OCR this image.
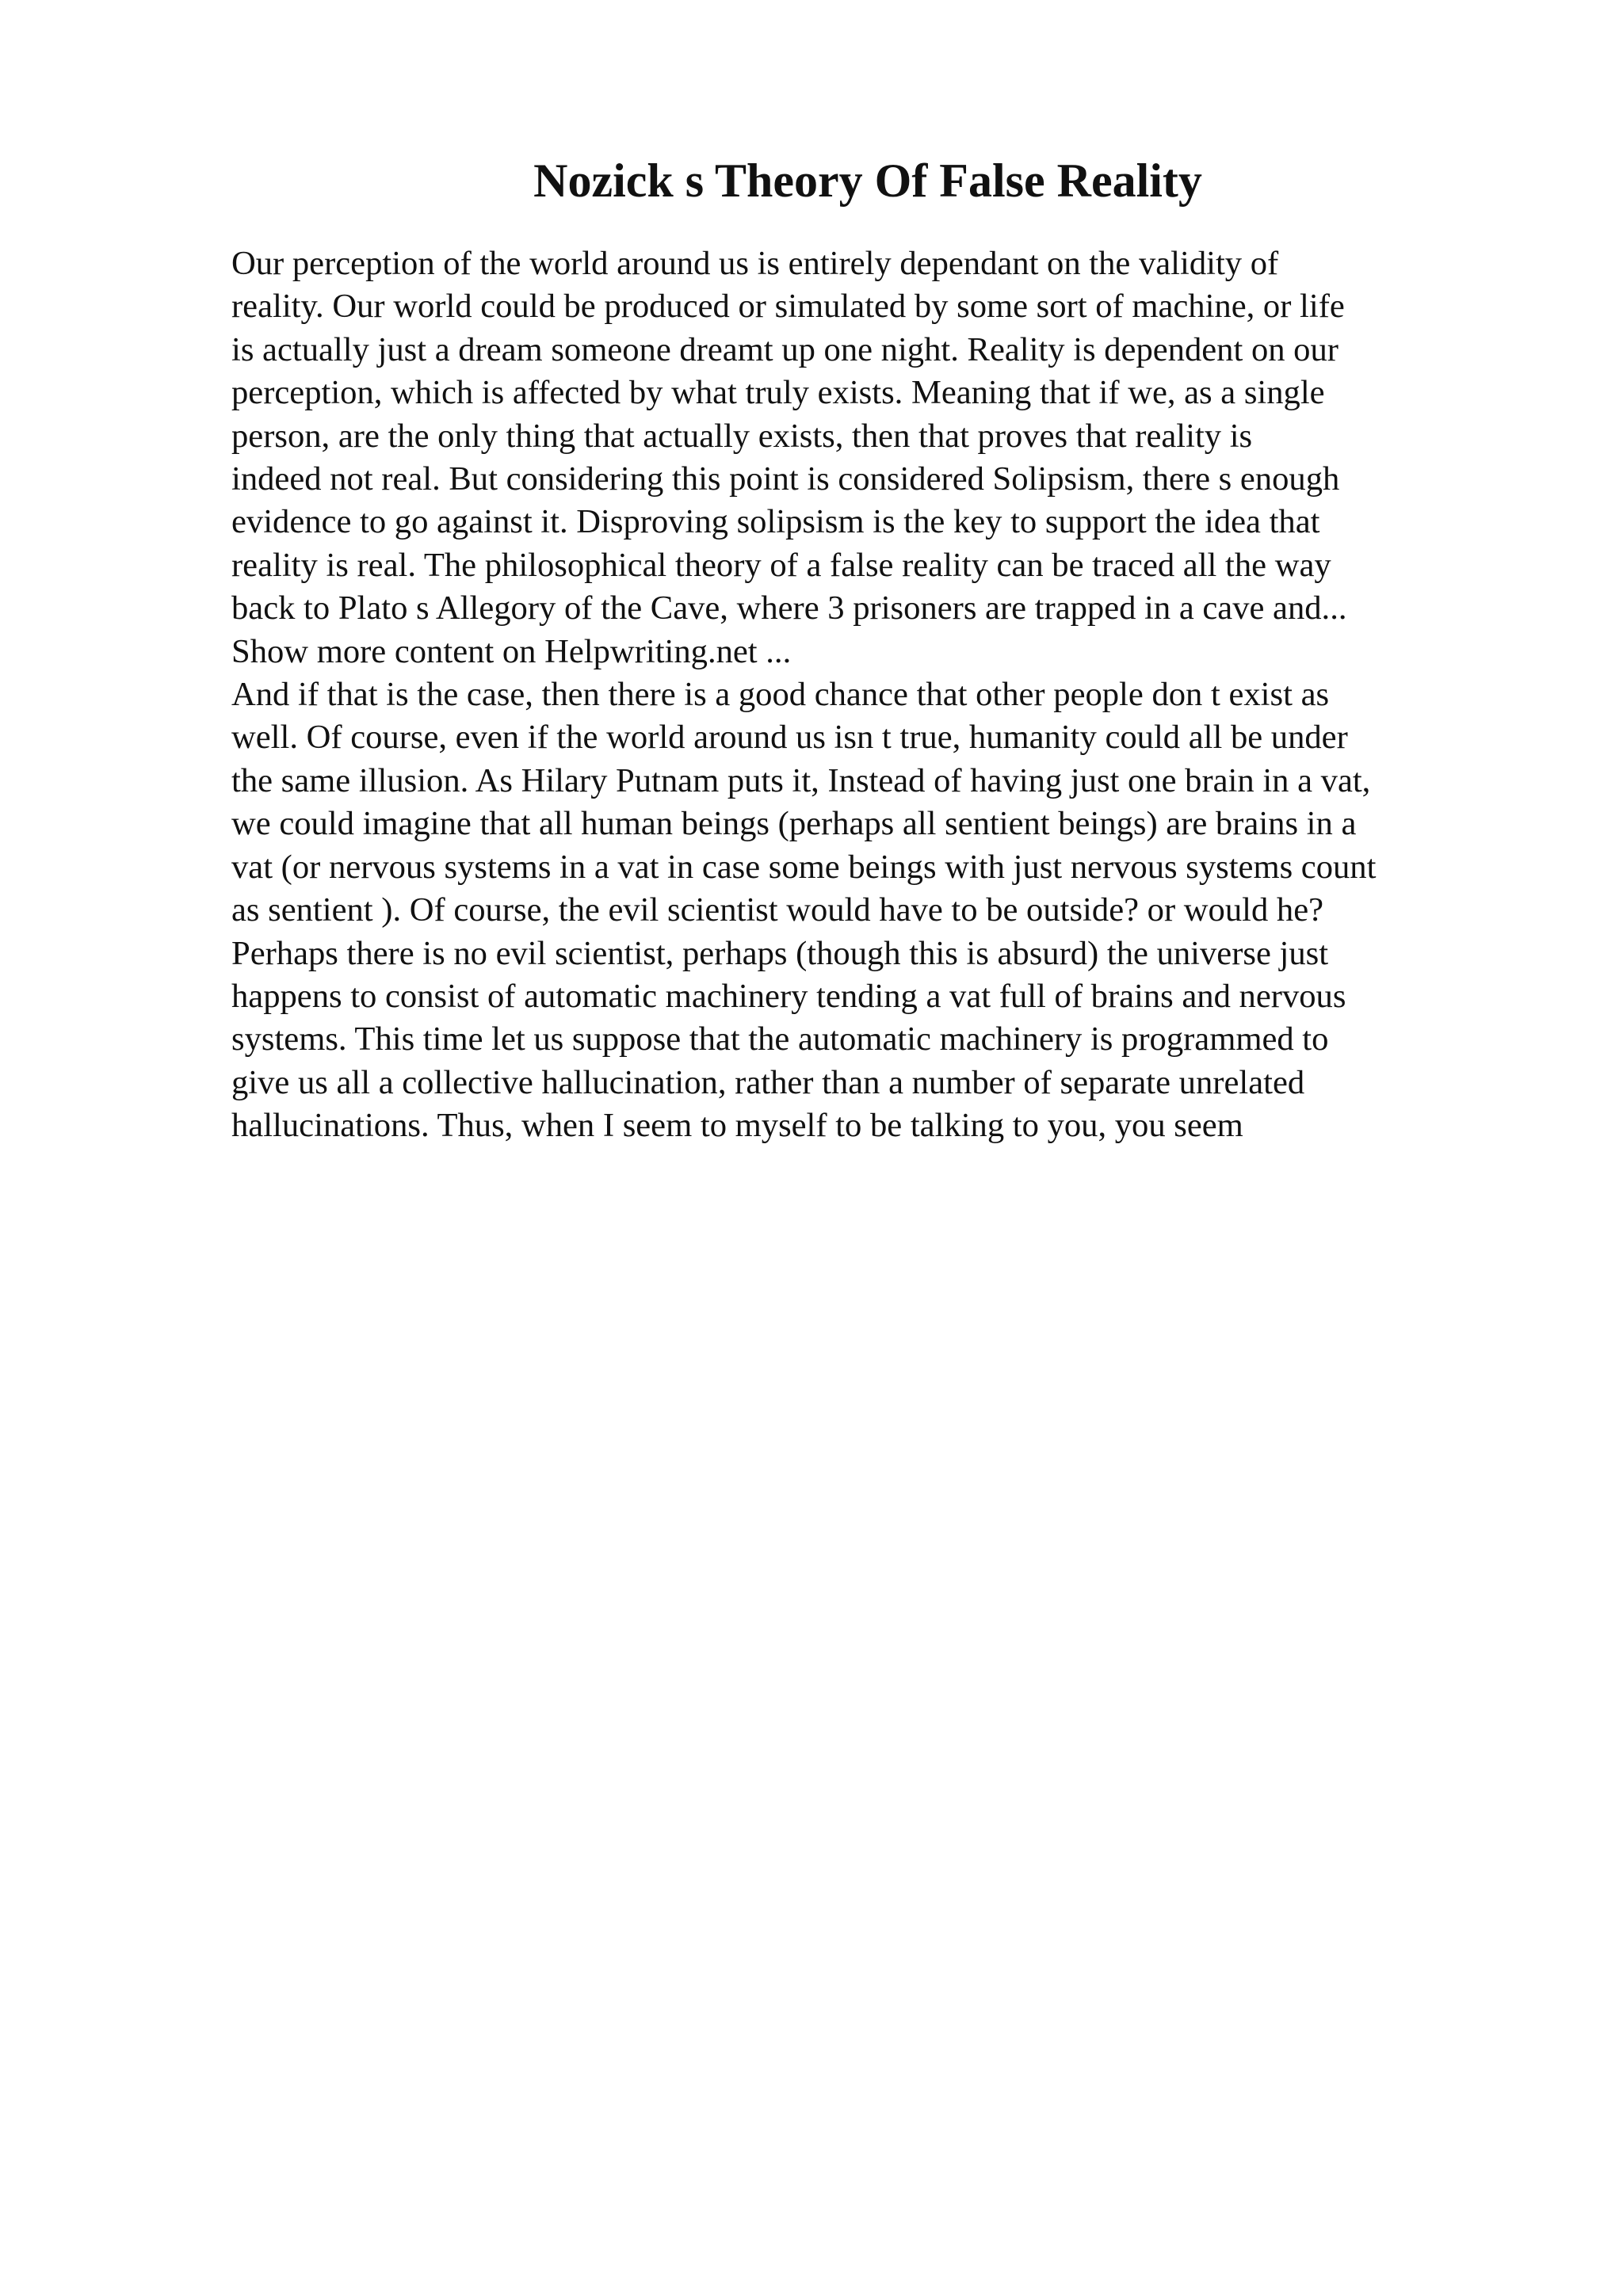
Nozick s Theory Of False Reality
Our perception of the world around us is entirely dependant on the validity of
reality. Our world could be produced or simulated by some sort of machine, or life
is actually just a dream someone dreamt up one night. Reality is dependent on our
perception, which is affected by what truly exists. Meaning that if we, as a single
person, are the only thing that actually exists, then that proves that reality is
indeed not real. But considering this point is considered Solipsism, there s enough
evidence to go against it. Disproving solipsism is the key to support the idea that
reality is real. The philosophical theory of a false reality can be traced all the way
back to Plato s Allegory of the Cave, where 3 prisoners are trapped in a cave and...
Show more content on Helpwriting.net ...
And if that is the case, then there is a good chance that other people don t exist as
well. Of course, even if the world around us isn t true, humanity could all be under
the same illusion. As Hilary Putnam puts it, Instead of having just one brain in a vat,
we could imagine that all human beings (perhaps all sentient beings) are brains in a
vat (or nervous systems in a vat in case some beings with just nervous systems count
as sentient ). Of course, the evil scientist would have to be outside? or would he?
Perhaps there is no evil scientist, perhaps (though this is absurd) the universe just
happens to consist of automatic machinery tending a vat full of brains and nervous
systems. This time let us suppose that the automatic machinery is programmed to
give us all a collective hallucination, rather than a number of separate unrelated
hallucinations. Thus, when I seem to myself to be talking to you, you seem
